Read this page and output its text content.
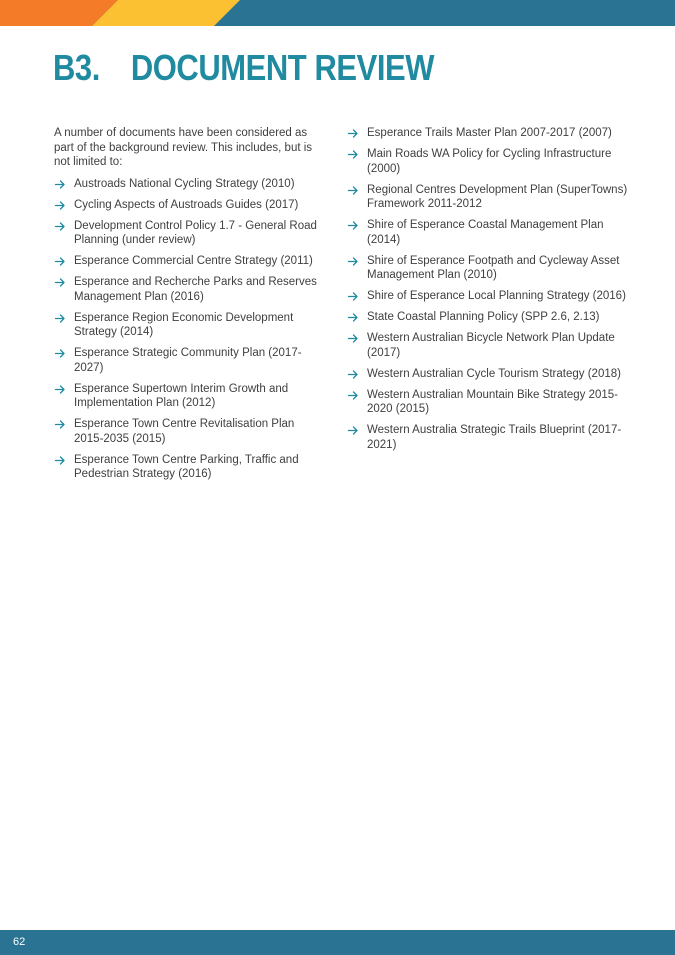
B3. DOCUMENT REVIEW

A number of documents have been considered as part of the background review. This includes, but is not limited to:

Austroads National Cycling Strategy (2010)
Cycling Aspects of Austroads Guides (2017)
Development Control Policy 1.7 - General Road Planning (under review)
Esperance Commercial Centre Strategy (2011)
Esperance and Recherche Parks and Reserves Management Plan (2016)
Esperance Region Economic Development Strategy (2014)
Esperance Strategic Community Plan (2017-2027)
Esperance Supertown Interim Growth and Implementation Plan (2012)
Esperance Town Centre Revitalisation Plan 2015-2035 (2015)
Esperance Town Centre Parking, Traffic and Pedestrian Strategy (2016)
Esperance Trails Master Plan 2007-2017 (2007)
Main Roads WA Policy for Cycling Infrastructure (2000)
Regional Centres Development Plan (SuperTowns) Framework 2011-2012
Shire of Esperance Coastal Management Plan (2014)
Shire of Esperance Footpath and Cycleway Asset Management Plan (2010)
Shire of Esperance Local Planning Strategy (2016)
State Coastal Planning Policy (SPP 2.6, 2.13)
Western Australian Bicycle Network Plan Update (2017)
Western Australian Cycle Tourism Strategy (2018)
Western Australian Mountain Bike Strategy 2015-2020 (2015)
Western Australia Strategic Trails Blueprint (2017-2021)
62
